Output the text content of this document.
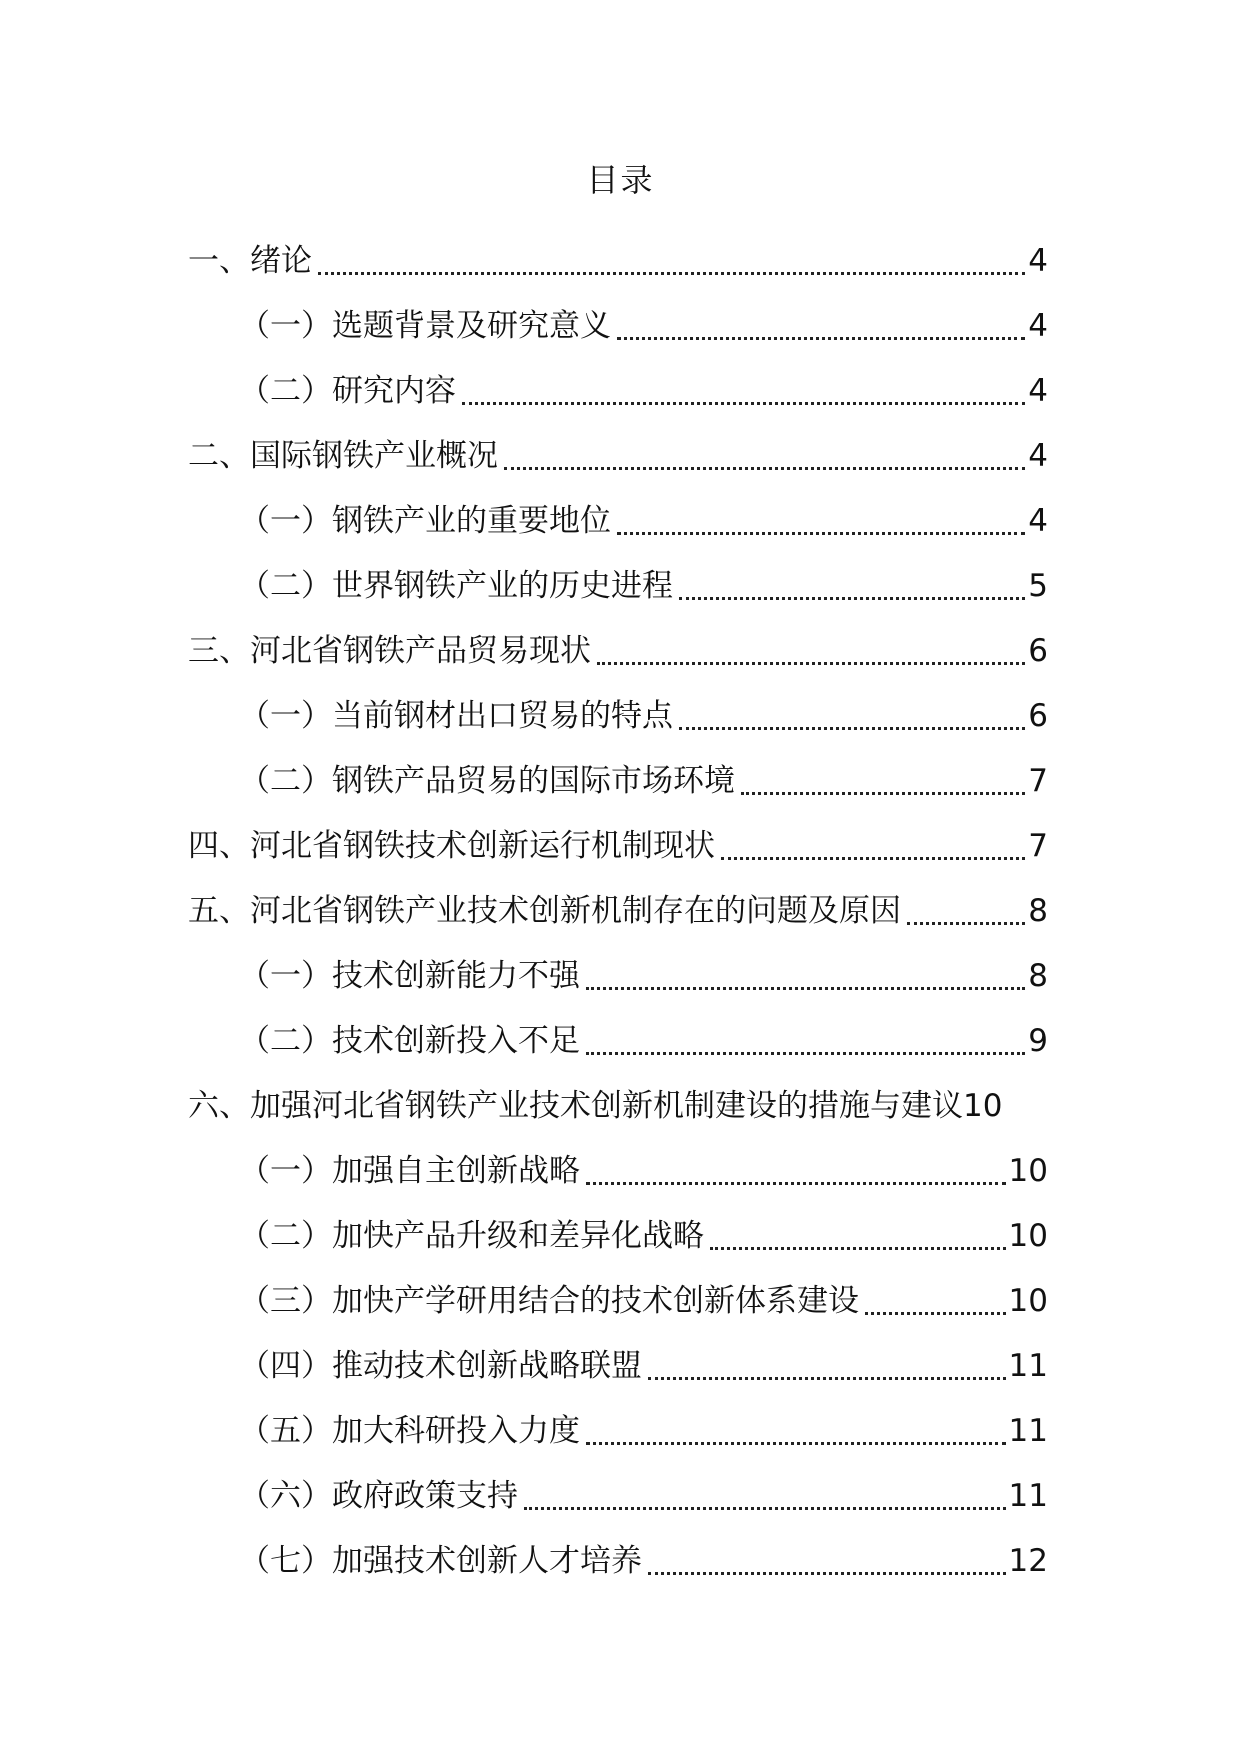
目录
一、绪论	4
（一）选题背景及研究意义	4
（二）研究内容	4
二、国际钢铁产业概况	4
（一）钢铁产业的重要地位	4
（二）世界钢铁产业的历史进程	5
三、河北省钢铁产品贸易现状	6
（一）当前钢材出口贸易的特点	6
（二）钢铁产品贸易的国际市场环境	7
四、河北省钢铁技术创新运行机制现状	7
五、河北省钢铁产业技术创新机制存在的问题及原因	8
（一）技术创新能力不强	8
（二）技术创新投入不足	9
六、加强河北省钢铁产业技术创新机制建设的措施与建议 10
（一）加强自主创新战略	10
（二）加快产品升级和差异化战略	10
（三）加快产学研用结合的技术创新体系建设	10
（四）推动技术创新战略联盟	11
（五）加大科研投入力度	11
（六）政府政策支持	11
（七）加强技术创新人才培养	12
